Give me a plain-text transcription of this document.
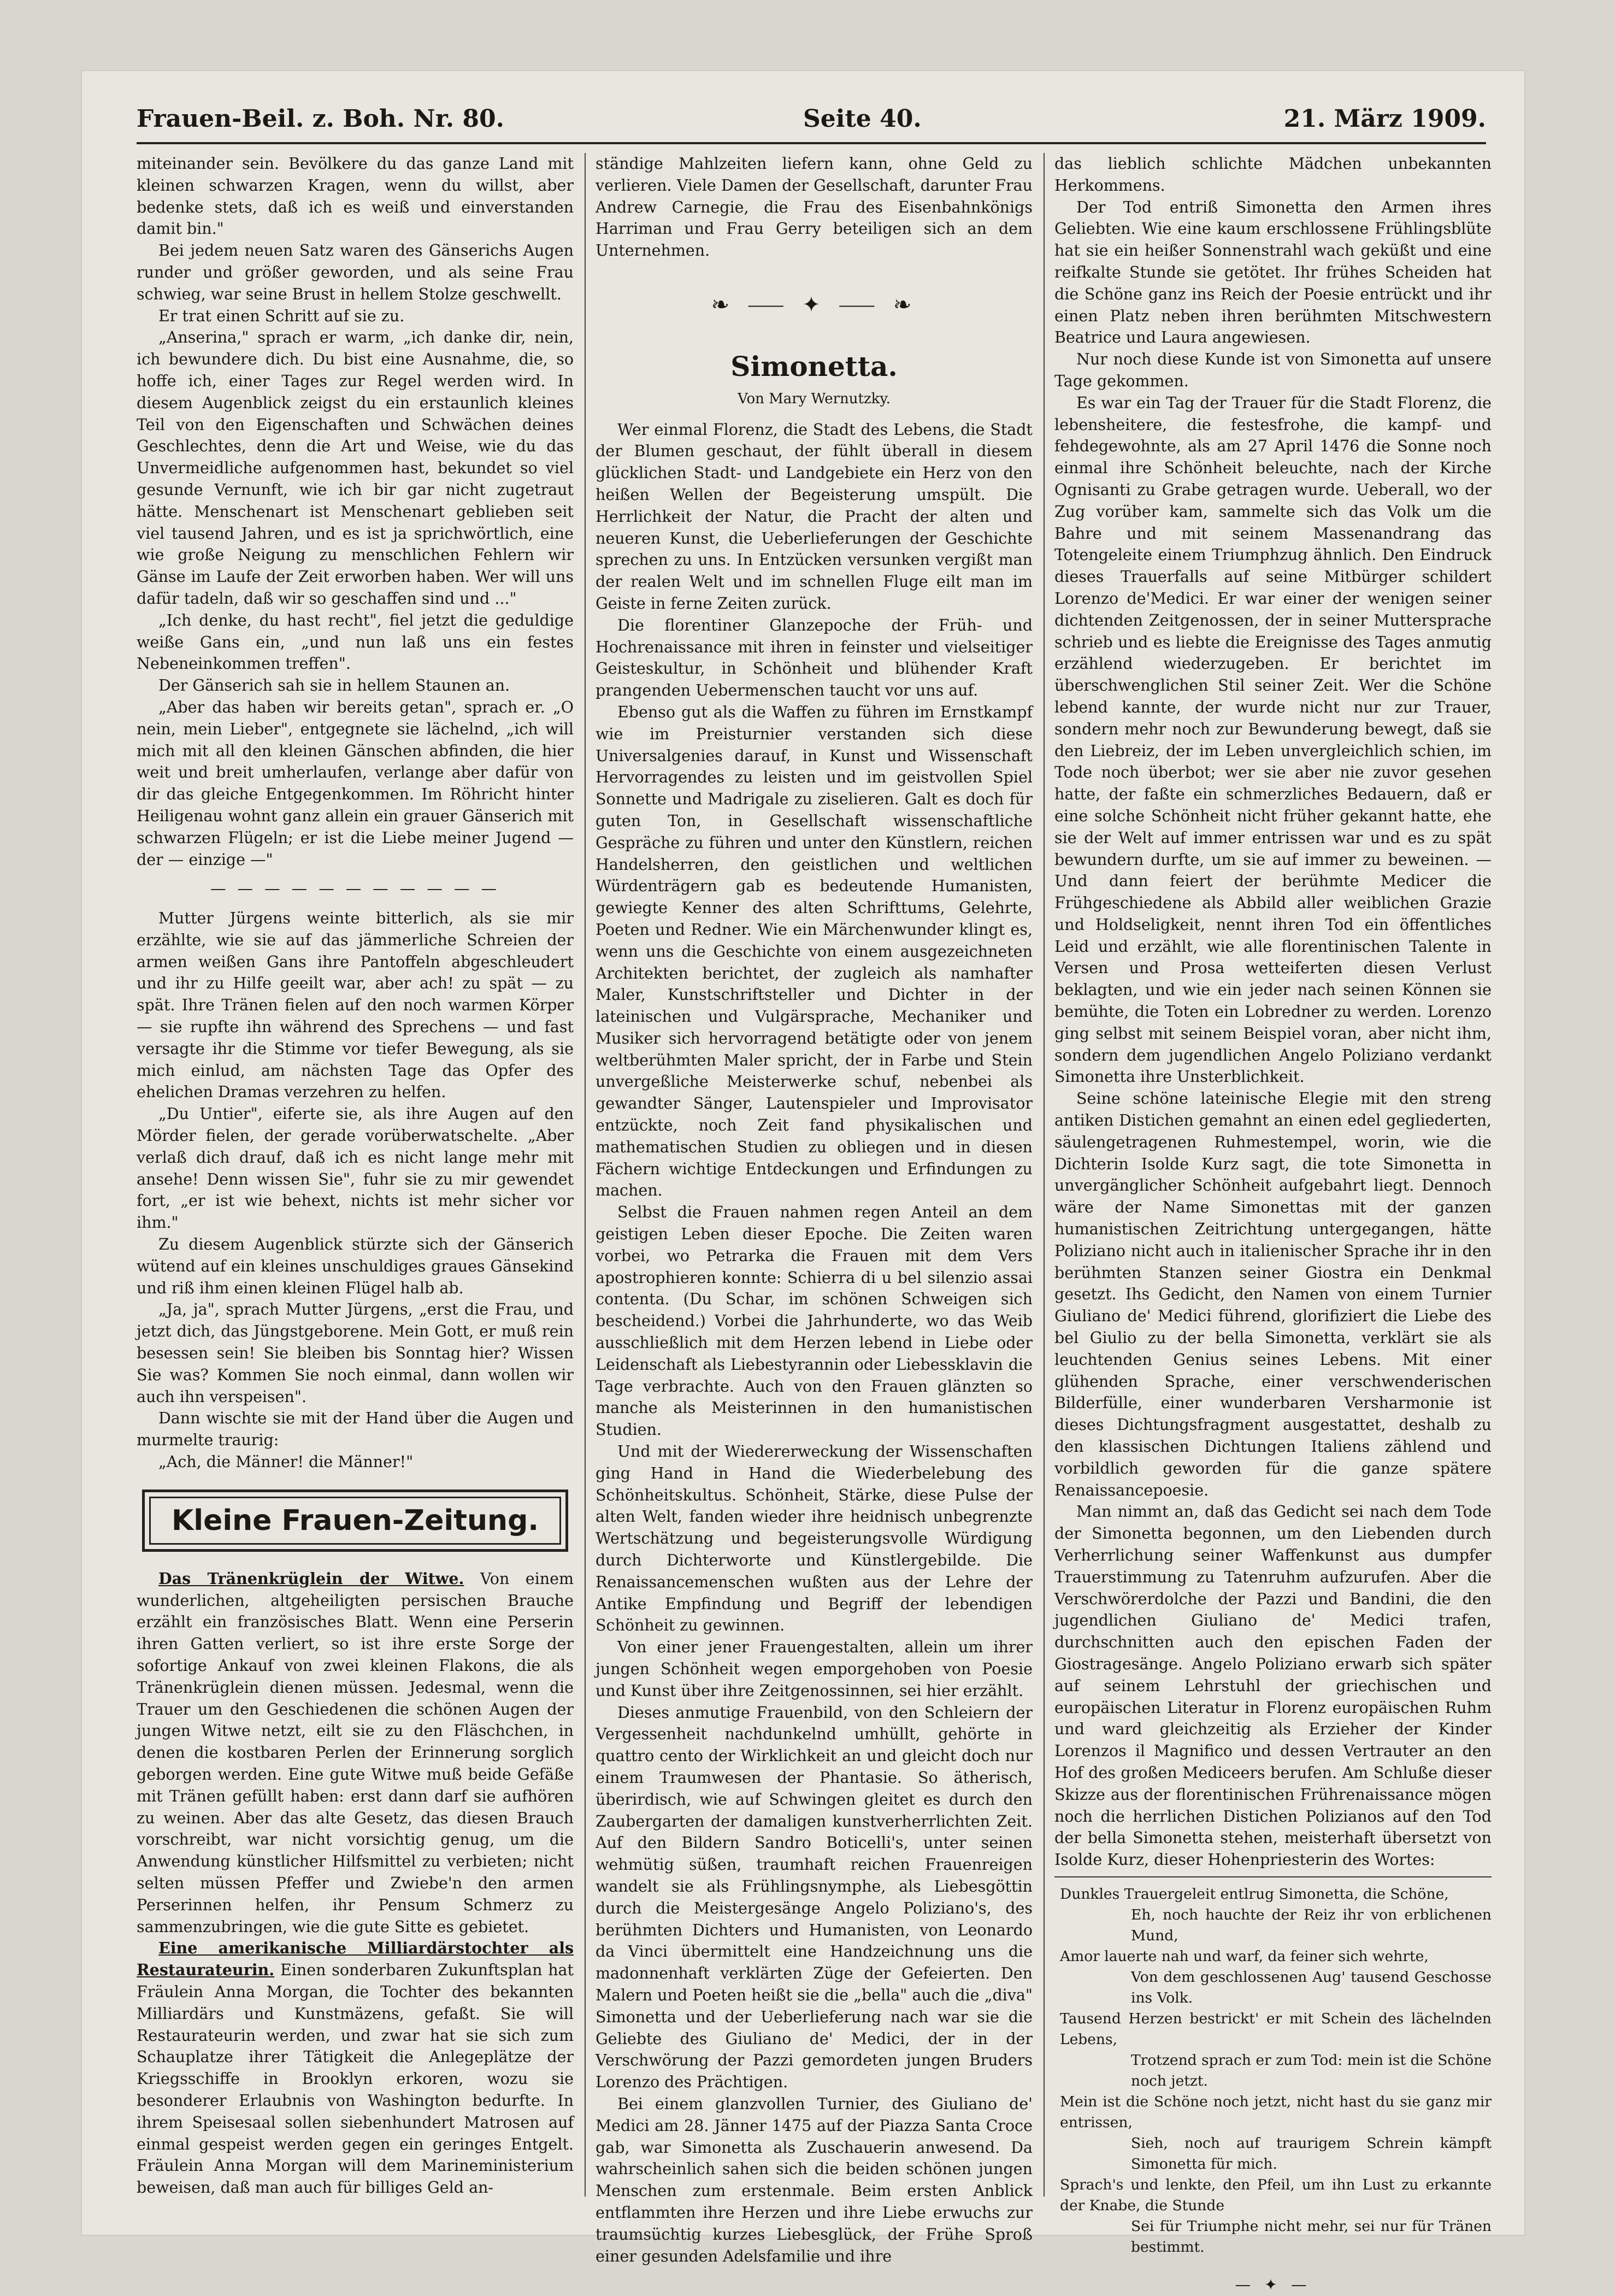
Frauen-Beil. z. Boh. Nr. 80.	Seite 40.	21. März 1909.

miteinander sein. Bevölkere du das ganze Land mit kleinen schwarzen Kragen, wenn du willst, aber bedenke stets, daß ich es weiß und einverstanden damit bin."

Bei jedem neuen Satz waren des Gänserichs Augen runder und größer geworden, und als seine Frau schwieg, war seine Brust in hellem Stolze geschwellt.

Er trat einen Schritt auf sie zu.

„Anserina," sprach er warm, „ich danke dir, nein, ich bewundere dich. Du bist eine Ausnahme, die, so hoffe ich, einer Tages zur Regel werden wird. In diesem Augenblick zeigst du ein erstaunlich kleines Teil von den Eigenschaften und Schwächen deines Geschlechtes, denn die Art und Weise, wie du das Unvermeidliche aufgenommen hast, bekundet so viel gesunde Vernunft, wie ich bir gar nicht zugetraut hätte. Menschenart ist Menschenart geblieben seit viel tausend Jahren, und es ist ja sprichwörtlich, eine wie große Neigung zu menschlichen Fehlern wir Gänse im Laufe der Zeit erworben haben. Wer will uns dafür tadeln, daß wir so geschaffen sind und ..."

„Ich denke, du hast recht", fiel jetzt die geduldige weiße Gans ein, „und nun laß uns ein festes Nebeneinkommen treffen".

Der Gänserich sah sie in hellem Staunen an.

„Aber das haben wir bereits getan", sprach er. „O nein, mein Lieber", entgegnete sie lächelnd, „ich will mich mit all den kleinen Gänschen abfinden, die hier weit und breit umherlaufen, verlange aber dafür von dir das gleiche Entgegenkommen. Im Röhricht hinter Heiligenau wohnt ganz allein ein grauer Gänserich mit schwarzen Flügeln; er ist die Liebe meiner Jugend — der — einzige —"

— — — — — — — — — — —

Mutter Jürgens weinte bitterlich, als sie mir erzählte, wie sie auf das jämmerliche Schreien der armen weißen Gans ihre Pantoffeln abgeschleudert und ihr zu Hilfe geeilt war, aber ach! zu spät — zu spät. Ihre Tränen fielen auf den noch warmen Körper — sie rupfte ihn während des Sprechens — und fast versagte ihr die Stimme vor tiefer Bewegung, als sie mich einlud, am nächsten Tage das Opfer des ehelichen Dramas verzehren zu helfen.

„Du Untier", eiferte sie, als ihre Augen auf den Mörder fielen, der gerade vorüberwatschelte. „Aber verlaß dich drauf, daß ich es nicht lange mehr mit ansehe! Denn wissen Sie", fuhr sie zu mir gewendet fort, „er ist wie behext, nichts ist mehr sicher vor ihm."

Zu diesem Augenblick stürzte sich der Gänserich wütend auf ein kleines unschuldiges graues Gänsekind und riß ihm einen kleinen Flügel halb ab.

„Ja, ja", sprach Mutter Jürgens, „erst die Frau, und jetzt dich, das Jüngstgeborene. Mein Gott, er muß rein besessen sein! Sie bleiben bis Sonntag hier? Wissen Sie was? Kommen Sie noch einmal, dann wollen wir auch ihn verspeisen".

Dann wischte sie mit der Hand über die Augen und murmelte traurig:

„Ach, die Männer! die Männer!"

Kleine Frauen-Zeitung.

Das Tränenkrüglein der Witwe. Von einem wunderlichen, altgeheiligten persischen Brauche erzählt ein französisches Blatt. Wenn eine Perserin ihren Gatten verliert, so ist ihre erste Sorge der sofortige Ankauf von zwei kleinen Flakons, die als Tränenkrüglein dienen müssen. Jedesmal, wenn die Trauer um den Geschiedenen die schönen Augen der jungen Witwe netzt, eilt sie zu den Fläschchen, in denen die kostbaren Perlen der Erinnerung sorglich geborgen werden. Eine gute Witwe muß beide Gefäße mit Tränen gefüllt haben: erst dann darf sie aufhören zu weinen. Aber das alte Gesetz, das diesen Brauch vorschreibt, war nicht vorsichtig genug, um die Anwendung künstlicher Hilfsmittel zu verbieten; nicht selten müssen Pfeffer und Zwiebe'n den armen Perserinnen helfen, ihr Pensum Schmerz zu sammenzubringen, wie die gute Sitte es gebietet.

Eine amerikanische Milliardärstochter als Restaurateurin. Einen sonderbaren Zukunftsplan hat Fräulein Anna Morgan, die Tochter des bekannten Milliardärs und Kunstmäzens, gefaßt. Sie will Restaurateurin werden, und zwar hat sie sich zum Schauplatze ihrer Tätigkeit die Anlegeplätze der Kriegsschiffe in Brooklyn erkoren, wozu sie besonderer Erlaubnis von Washington bedurfte. In ihrem Speisesaal sollen siebenhundert Matrosen auf einmal gespeist werden gegen ein geringes Entgelt. Fräulein Anna Morgan will dem Marineministerium beweisen, daß man auch für billiges Geld an-

ständige Mahlzeiten liefern kann, ohne Geld zu verlieren. Viele Damen der Gesellschaft, darunter Frau Andrew Carnegie, die Frau des Eisenbahnkönigs Harriman und Frau Gerry beteiligen sich an dem Unternehmen.

❧ ⸺ ✦ ⸺ ❧
Simonetta.
Von Mary Wernutzky.

Wer einmal Florenz, die Stadt des Lebens, die Stadt der Blumen geschaut, der fühlt überall in diesem glücklichen Stadt- und Landgebiete ein Herz von den heißen Wellen der Begeisterung umspült. Die Herrlichkeit der Natur, die Pracht der alten und neueren Kunst, die Ueberlieferungen der Geschichte sprechen zu uns. In Entzücken versunken vergißt man der realen Welt und im schnellen Fluge eilt man im Geiste in ferne Zeiten zurück.

Die florentiner Glanzepoche der Früh- und Hochrenaissance mit ihren in feinster und vielseitiger Geisteskultur, in Schönheit und blühender Kraft prangenden Uebermenschen taucht vor uns auf.

Ebenso gut als die Waffen zu führen im Ernstkampf wie im Preisturnier verstanden sich diese Universalgenies darauf, in Kunst und Wissenschaft Hervorragendes zu leisten und im geistvollen Spiel Sonnette und Madrigale zu ziselieren. Galt es doch für guten Ton, in Gesellschaft wissenschaftliche Gespräche zu führen und unter den Künstlern, reichen Handelsherren, den geistlichen und weltlichen Würdenträgern gab es bedeutende Humanisten, gewiegte Kenner des alten Schrifttums, Gelehrte, Poeten und Redner. Wie ein Märchenwunder klingt es, wenn uns die Geschichte von einem ausgezeichneten Architekten berichtet, der zugleich als namhafter Maler, Kunstschriftsteller und Dichter in der lateinischen und Vulgärsprache, Mechaniker und Musiker sich hervorragend betätigte oder von jenem weltberühmten Maler spricht, der in Farbe und Stein unvergeßliche Meisterwerke schuf, nebenbei als gewandter Sänger, Lautenspieler und Improvisator entzückte, noch Zeit fand physikalischen und mathematischen Studien zu obliegen und in diesen Fächern wichtige Entdeckungen und Erfindungen zu machen.

Selbst die Frauen nahmen regen Anteil an dem geistigen Leben dieser Epoche. Die Zeiten waren vorbei, wo Petrarka die Frauen mit dem Vers apostrophieren konnte: Schierra di u bel silenzio assai contenta. (Du Schar, im schönen Schweigen sich bescheidend.) Vorbei die Jahrhunderte, wo das Weib ausschließlich mit dem Herzen lebend in Liebe oder Leidenschaft als Liebestyrannin oder Liebessklavin die Tage verbrachte. Auch von den Frauen glänzten so manche als Meisterinnen in den humanistischen Studien.

Und mit der Wiedererweckung der Wissenschaften ging Hand in Hand die Wiederbelebung des Schönheitskultus. Schönheit, Stärke, diese Pulse der alten Welt, fanden wieder ihre heidnisch unbegrenzte Wertschätzung und begeisterungsvolle Würdigung durch Dichterworte und Künstlergebilde. Die Renaissancemenschen wußten aus der Lehre der Antike Empfindung und Begriff der lebendigen Schönheit zu gewinnen.

Von einer jener Frauengestalten, allein um ihrer jungen Schönheit wegen emporgehoben von Poesie und Kunst über ihre Zeitgenossinnen, sei hier erzählt.

Dieses anmutige Frauenbild, von den Schleiern der Vergessenheit nachdunkelnd umhüllt, gehörte in quattro cento der Wirklichkeit an und gleicht doch nur einem Traumwesen der Phantasie. So ätherisch, überirdisch, wie auf Schwingen gleitet es durch den Zaubergarten der damaligen kunstverherrlichten Zeit. Auf den Bildern Sandro Boticelli's, unter seinen wehmütig süßen, traumhaft reichen Frauenreigen wandelt sie als Frühlingsnymphe, als Liebesgöttin durch die Meistergesänge Angelo Poliziano's, des berühmten Dichters und Humanisten, von Leonardo da Vinci übermittelt eine Handzeichnung uns die madonnenhaft verklärten Züge der Gefeierten. Den Malern und Poeten heißt sie die „bella" auch die „diva" Simonetta und der Ueberlieferung nach war sie die Geliebte des Giuliano de' Medici, der in der Verschwörung der Pazzi gemordeten jungen Bruders Lorenzo des Prächtigen.

Bei einem glanzvollen Turnier, des Giuliano de' Medici am 28. Jänner 1475 auf der Piazza Santa Croce gab, war Simonetta als Zuschauerin anwesend. Da wahrscheinlich sahen sich die beiden schönen jungen Menschen zum erstenmale. Beim ersten Anblick entflammten ihre Herzen und ihre Liebe erwuchs zur traumsüchtig kurzes Liebesglück, der Frühe Sproß einer gesunden Adelsfamilie und ihre

das lieblich schlichte Mädchen unbekannten Herkommens.

Der Tod entriß Simonetta den Armen ihres Geliebten. Wie eine kaum erschlossene Frühlingsblüte hat sie ein heißer Sonnenstrahl wach geküßt und eine reifkalte Stunde sie getötet. Ihr frühes Scheiden hat die Schöne ganz ins Reich der Poesie entrückt und ihr einen Platz neben ihren berühmten Mitschwestern Beatrice und Laura angewiesen.

Nur noch diese Kunde ist von Simonetta auf unsere Tage gekommen.

Es war ein Tag der Trauer für die Stadt Florenz, die lebensheitere, die festesfrohe, die kampf- und fehdegewohnte, als am 27 April 1476 die Sonne noch einmal ihre Schönheit beleuchte, nach der Kirche Ognisanti zu Grabe getragen wurde. Ueberall, wo der Zug vorüber kam, sammelte sich das Volk um die Bahre und mit seinem Massenandrang das Totengeleite einem Triumphzug ähnlich. Den Eindruck dieses Trauerfalls auf seine Mitbürger schildert Lorenzo de'Medici. Er war einer der wenigen seiner dichtenden Zeitgenossen, der in seiner Muttersprache schrieb und es liebte die Ereignisse des Tages anmutig erzählend wiederzugeben. Er berichtet im überschwenglichen Stil seiner Zeit. Wer die Schöne lebend kannte, der wurde nicht nur zur Trauer, sondern mehr noch zur Bewunderung bewegt, daß sie den Liebreiz, der im Leben unvergleichlich schien, im Tode noch überbot; wer sie aber nie zuvor gesehen hatte, der faßte ein schmerzliches Bedauern, daß er eine solche Schönheit nicht früher gekannt hatte, ehe sie der Welt auf immer entrissen war und es zu spät bewundern durfte, um sie auf immer zu beweinen. — Und dann feiert der berühmte Medicer die Frühgeschiedene als Abbild aller weiblichen Grazie und Holdseligkeit, nennt ihren Tod ein öffentliches Leid und erzählt, wie alle florentinischen Talente in Versen und Prosa wetteiferten diesen Verlust beklagten, und wie ein jeder nach seinen Können sie bemühte, die Toten ein Lobredner zu werden. Lorenzo ging selbst mit seinem Beispiel voran, aber nicht ihm, sondern dem jugendlichen Angelo Poliziano verdankt Simonetta ihre Unsterblichkeit.

Seine schöne lateinische Elegie mit den streng antiken Distichen gemahnt an einen edel gegliederten, säulengetragenen Ruhmestempel, worin, wie die Dichterin Isolde Kurz sagt, die tote Simonetta in unvergänglicher Schönheit aufgebahrt liegt. Dennoch wäre der Name Simonettas mit der ganzen humanistischen Zeitrichtung untergegangen, hätte Poliziano nicht auch in italienischer Sprache ihr in den berühmten Stanzen seiner Giostra ein Denkmal gesetzt. Ihs Gedicht, den Namen von einem Turnier Giuliano de' Medici führend, glorifiziert die Liebe des bel Giulio zu der bella Simonetta, verklärt sie als leuchtenden Genius seines Lebens. Mit einer glühenden Sprache, einer verschwenderischen Bilderfülle, einer wunderbaren Versharmonie ist dieses Dichtungsfragment ausgestattet, deshalb zu den klassischen Dichtungen Italiens zählend und vorbildlich geworden für die ganze spätere Renaissancepoesie.

Man nimmt an, daß das Gedicht sei nach dem Tode der Simonetta begonnen, um den Liebenden durch Verherrlichung seiner Waffenkunst aus dumpfer Trauerstimmung zu Tatenruhm aufzurufen. Aber die Verschwörerdolche der Pazzi und Bandini, die den jugendlichen Giuliano de' Medici trafen, durchschnitten auch den epischen Faden der Giostragesänge. Angelo Poliziano erwarb sich später auf seinem Lehrstuhl der griechischen und europäischen Literatur in Florenz europäischen Ruhm und ward gleichzeitig als Erzieher der Kinder Lorenzos il Magnifico und dessen Vertrauter an den Hof des großen Mediceers berufen. Am Schluße dieser Skizze aus der florentinischen Frührenaissance mögen noch die herrlichen Distichen Polizianos auf den Tod der bella Simonetta stehen, meisterhaft übersetzt von Isolde Kurz, dieser Hohenpriesterin des Wortes:

Dunkles Trauergeleit entlrug Simonetta, die Schöne,
Eh, noch hauchte der Reiz ihr von erblichenen Mund,
Amor lauerte nah und warf, da feiner sich wehrte,
Von dem geschlossenen Aug' tausend Geschosse ins Volk.
Tausend Herzen bestrickt' er mit Schein des lächelnden Lebens,
Trotzend sprach er zum Tod: mein ist die Schöne noch jetzt.
Mein ist die Schöne noch jetzt, nicht hast du sie ganz mir entrissen,
Sieh, noch auf traurigem Schrein kämpft Simonetta für mich.
Sprach's und lenkte, den Pfeil, um ihn Lust zu erkannte der Knabe, die Stunde
Sei für Triumphe nicht mehr, sei nur für Tränen bestimmt.
— ✦ —
